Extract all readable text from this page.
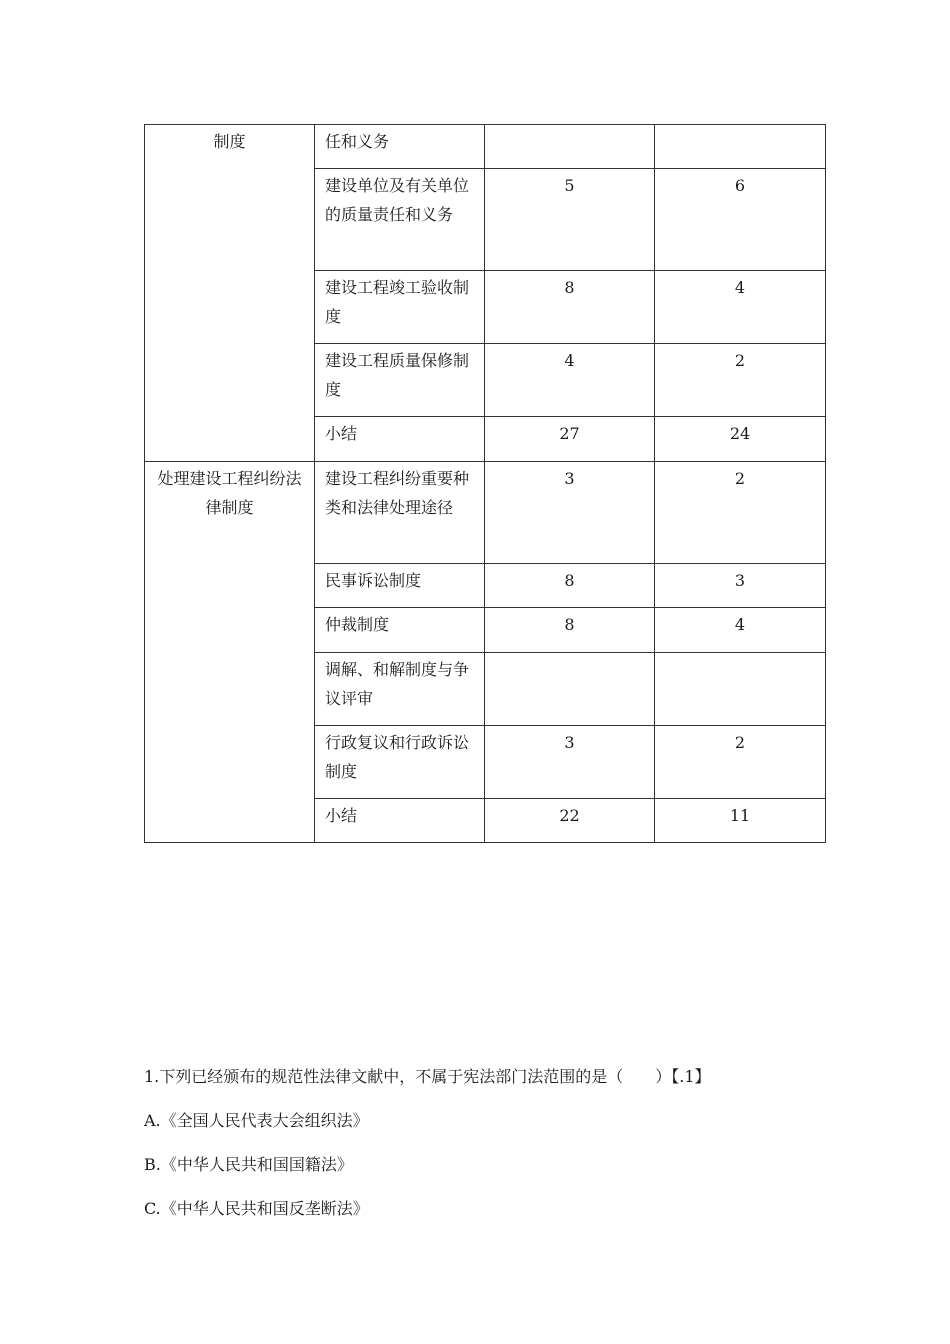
制度	任和义务		

	建设单位及有关单位的质量责任和义务	5	6

	建设工程竣工验收制度	8	4

	建设工程质量保修制度	4	2

	小结	27	24

处理建设工程纠纷法律制度	建设工程纠纷重要种类和法律处理途径	3	2

	民事诉讼制度	8	3

	仲裁制度	8	4

	调解、和解制度与争议评审		

	行政复议和行政诉讼制度	3	2

	小结	22	11

1.下列已经颁布的规范性法律文献中，不属于宪法部门法范围的是（　　）【.1】

A.《全国人民代表大会组织法》

B.《中华人民共和国国籍法》

C.《中华人民共和国反垄断法》
